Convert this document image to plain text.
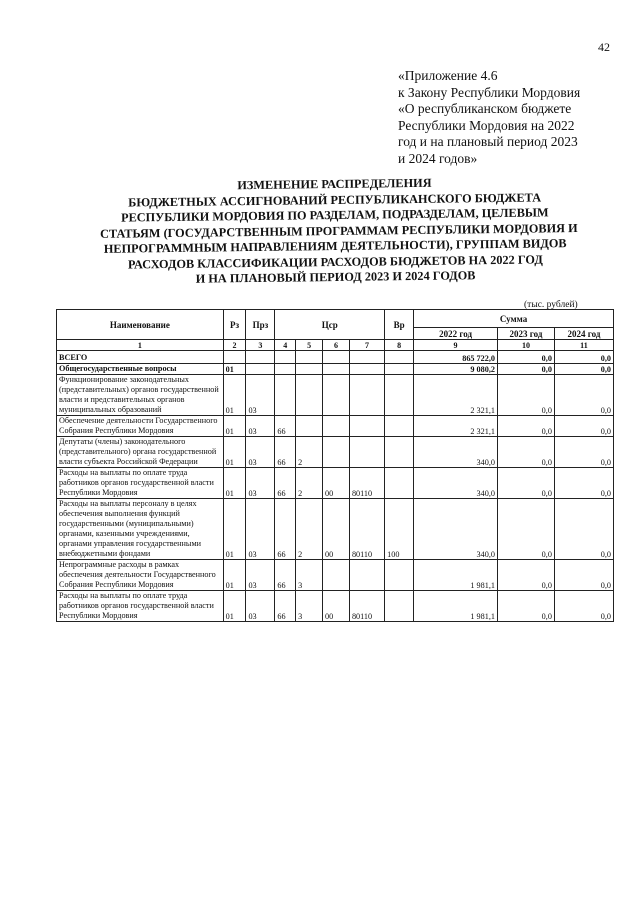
42
«Приложение 4.6
к Закону Республики Мордовия
«О республиканском бюджете
Республики Мордовия на 2022
год и на плановый период 2023
и 2024 годов»
ИЗМЕНЕНИЕ РАСПРЕДЕЛЕНИЯ
БЮДЖЕТНЫХ АССИГНОВАНИЙ РЕСПУБЛИКАНСКОГО БЮДЖЕТА
РЕСПУБЛИКИ МОРДОВИЯ ПО РАЗДЕЛАМ, ПОДРАЗДЕЛАМ, ЦЕЛЕВЫМ
СТАТЬЯМ (ГОСУДАРСТВЕННЫМ ПРОГРАММАМ РЕСПУБЛИКИ МОРДОВИЯ И
НЕПРОГРАММНЫМ НАПРАВЛЕНИЯМ ДЕЯТЕЛЬНОСТИ), ГРУППАМ ВИДОВ
РАСХОДОВ КЛАССИФИКАЦИИ РАСХОДОВ БЮДЖЕТОВ НА 2022 ГОД
И НА ПЛАНОВЫЙ ПЕРИОД 2023 И 2024 ГОДОВ
(тыс. рублей)
Наименование	Рз	Прз	Цср				Вр	Сумма		
								2022 год	2023 год	2024 год
1	2	3	4	5	6	7	8	9	10	11
ВСЕГО								865 722,0	0,0	0,0
Общегосударственные вопросы	01							9 080,2	0,0	0,0
Функционирование законодательных (представительных) органов государственной власти и представительных органов муниципальных образований	01	03						2 321,1	0,0	0,0
Обеспечение деятельности Государственного Собрания Республики Мордовия	01	03	66					2 321,1	0,0	0,0
Депутаты (члены) законодательного (представительного) органа государственной власти субъекта Российской Федерации	01	03	66	2				340,0	0,0	0,0
Расходы на выплаты по оплате труда работников органов государственной власти Республики Мордовия	01	03	66	2	00	80110		340,0	0,0	0,0
Расходы на выплаты персоналу в целях обеспечения выполнения функций государственными (муниципальными) органами, казенными учреждениями, органами управления государственными внебюджетными фондами	01	03	66	2	00	80110	100	340,0	0,0	0,0
Непрограммные расходы в рамках обеспечения деятельности Государственного Собрания Республики Мордовия	01	03	66	3				1 981,1	0,0	0,0
Расходы на выплаты по оплате труда работников органов государственной власти Республики Мордовия	01	03	66	3	00	80110		1 981,1	0,0	0,0
